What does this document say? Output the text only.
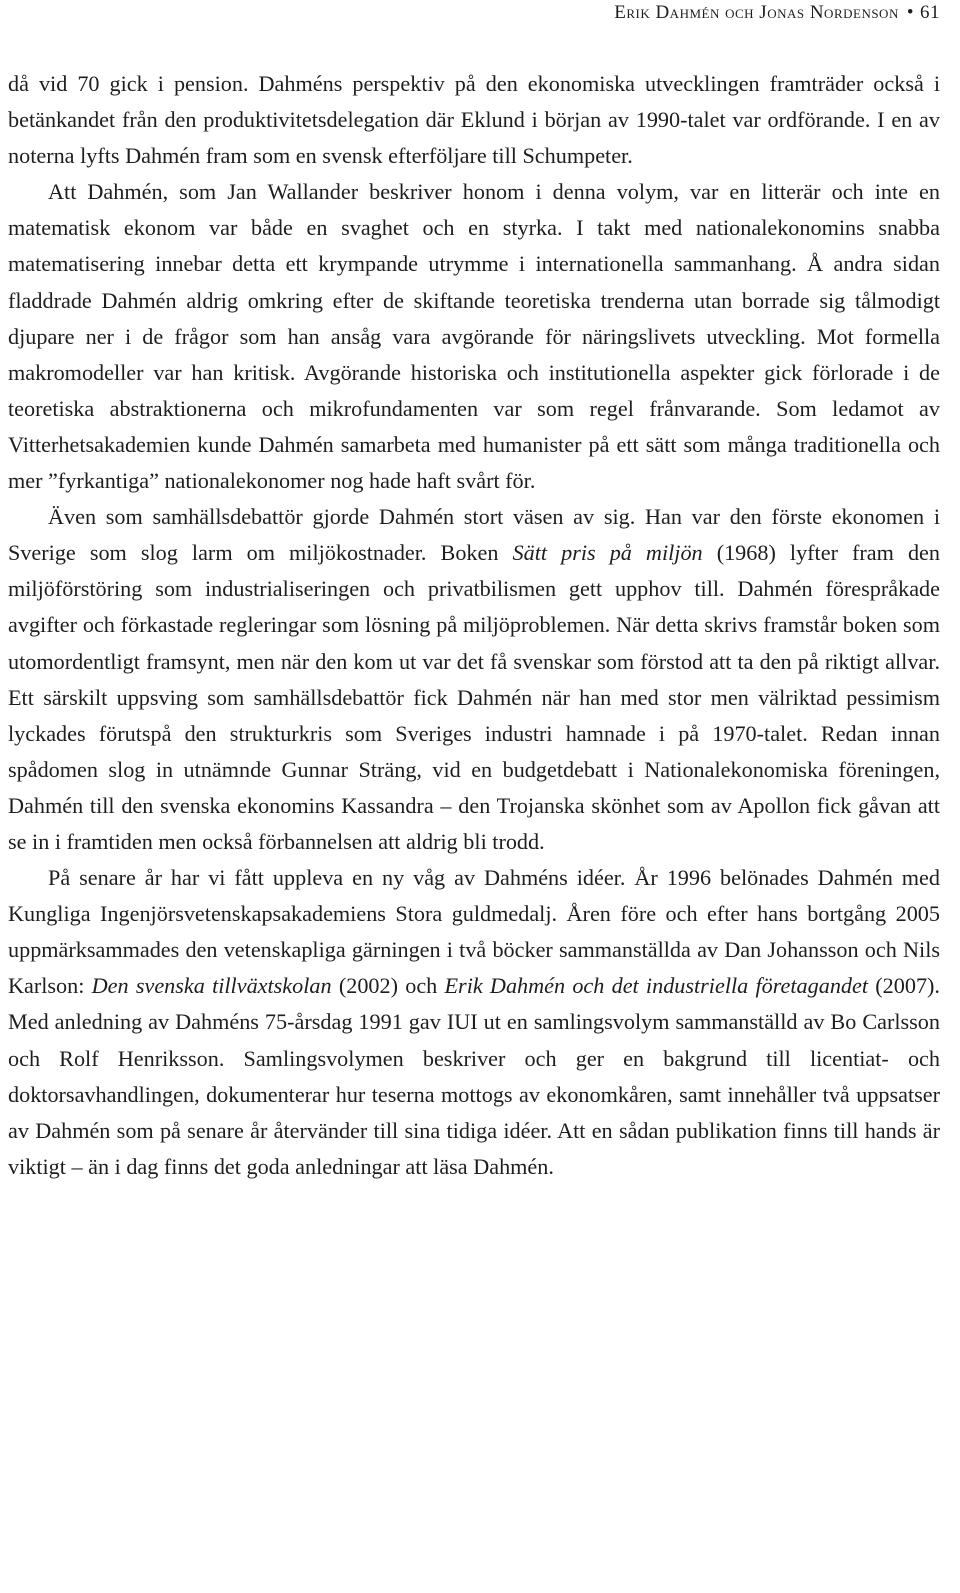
Erik Dahmén och Jonas Nordenson • 61

då vid 70 gick i pension. Dahméns perspektiv på den ekonomiska utvecklingen framträder också i betänkandet från den produktivitetsdelegation där Eklund i början av 1990-talet var ordförande. I en av noterna lyfts Dahmén fram som en svensk efterföljare till Schumpeter.

Att Dahmén, som Jan Wallander beskriver honom i denna volym, var en litterär och inte en matematisk ekonom var både en svaghet och en styrka. I takt med nationalekonomins snabba matematisering innebar detta ett krympande utrymme i internationella sammanhang. Å andra sidan fladdrade Dahmén aldrig omkring efter de skiftande teoretiska trenderna utan borrade sig tålmodigt djupare ner i de frågor som han ansåg vara avgörande för näringslivets utveckling. Mot formella makromodeller var han kritisk. Avgörande historiska och institutionella aspekter gick förlorade i de teoretiska abstraktionerna och mikrofundamenten var som regel frånvarande. Som ledamot av Vitterhetsakademien kunde Dahmén samarbeta med humanister på ett sätt som många traditionella och mer ”fyrkantiga” nationalekonomer nog hade haft svårt för.

Även som samhällsdebattör gjorde Dahmén stort väsen av sig. Han var den förste ekonomen i Sverige som slog larm om miljökostnader. Boken Sätt pris på miljön (1968) lyfter fram den miljöförstöring som industrialiseringen och privatbilismen gett upphov till. Dahmén förespråkade avgifter och förkastade regleringar som lösning på miljöproblemen. När detta skrivs framstår boken som utomordentligt framsynt, men när den kom ut var det få svenskar som förstod att ta den på riktigt allvar. Ett särskilt uppsving som samhällsdebattör fick Dahmén när han med stor men välriktad pessimism lyckades förutspå den strukturkris som Sveriges industri hamnade i på 1970-talet. Redan innan spådomen slog in utnämnde Gunnar Sträng, vid en budgetdebatt i Nationalekonomiska föreningen, Dahmén till den svenska ekonomins Kassandra – den Trojanska skönhet som av Apollon fick gåvan att se in i framtiden men också förbannelsen att aldrig bli trodd.

På senare år har vi fått uppleva en ny våg av Dahméns idéer. År 1996 belönades Dahmén med Kungliga Ingenjörsvetenskapsakademiens Stora guldmedalj. Åren före och efter hans bortgång 2005 uppmärksammades den vetenskapliga gärningen i två böcker sammanställda av Dan Johansson och Nils Karlson: Den svenska tillväxtskolan (2002) och Erik Dahmén och det industriella företagandet (2007). Med anledning av Dahméns 75-årsdag 1991 gav IUI ut en samlingsvolym sammanställd av Bo Carlsson och Rolf Henriksson. Samlingsvolymen beskriver och ger en bakgrund till licentiat- och doktorsavhandlingen, dokumenterar hur teserna mottogs av ekonomkåren, samt innehåller två uppsatser av Dahmén som på senare år återvänder till sina tidiga idéer. Att en sådan publikation finns till hands är viktigt – än i dag finns det goda anledningar att läsa Dahmén.
